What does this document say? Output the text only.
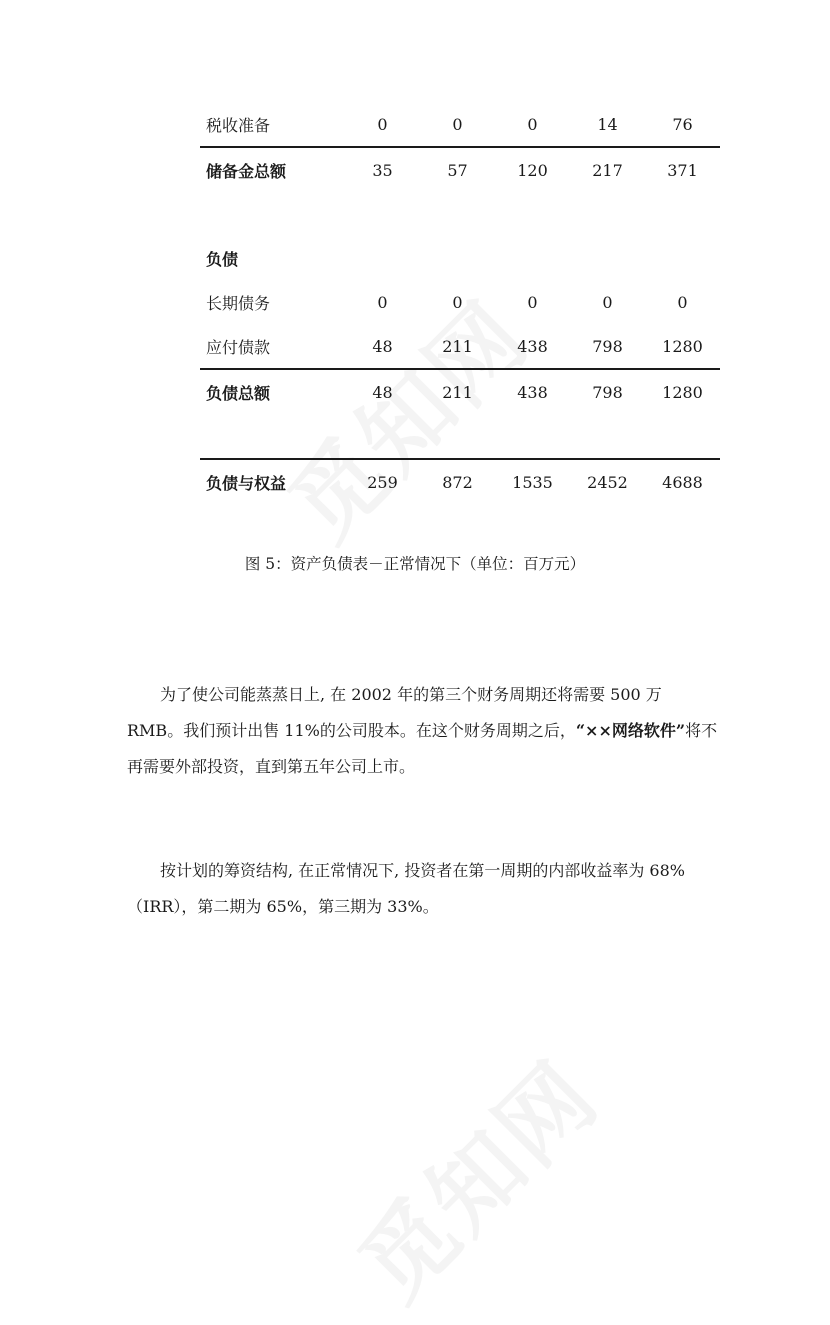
税收准备	0	0	0	14	76
储备金总额	35	57	120	217	371
负债
长期债务	0	0	0	0	0
应付债款	48	211	438	798	1280
负债总额	48	211	438	798	1280
负债与权益	259	872	1535	2452	4688
图 5：资产负债表－正常情况下（单位：百万元）

为了使公司能蒸蒸日上, 在 2002 年的第三个财务周期还将需要 500 万 RMB。我们预计出售 11%的公司股本。在这个财务周期之后，“××网络软件”将不再需要外部投资，直到第五年公司上市。

按计划的筹资结构, 在正常情况下, 投资者在第一周期的内部收益率为 68%（IRR），第二期为 65%，第三期为 33%。
